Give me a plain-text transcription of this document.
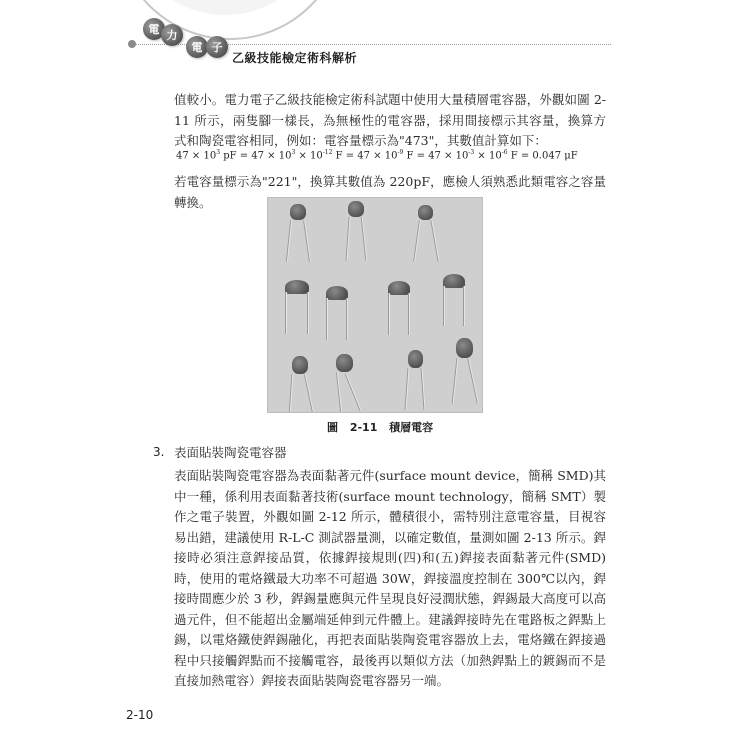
電 力
電 子
乙級技能檢定術科解析

值較小。電力電子乙級技能檢定術科試題中使用大量積層電容器，外觀如圖 2-11 所示，兩隻腳一樣長，為無極性的電容器，採用間接標示其容量，換算方式和陶瓷電容相同，例如：電容量標示為"473"，其數值計算如下：

$47 \times 10^3$ pF = $47 \times 10^3 \times 10^{-12}$ $F = 47 \times 10^{-9}$ $F = 47 \times 10^{-3} \times 10^{-6}$ F = 0.047 μF

若電容量標示為"221"，換算其數值為 220pF，應檢人須熟悉此類電容之容量轉換。

圖 2-11 積層電容
3. 表面貼裝陶瓷電容器

表面貼裝陶瓷電容器為表面黏著元件(surface mount device，簡稱 SMD)其中一種，係利用表面黏著技術(surface mount technology，簡稱 SMT）製作之電子裝置，外觀如圖 2-12 所示，體積很小，需特別注意電容量，目視容易出錯，建議使用 R-L-C 測試器量測，以確定數值，量測如圖 2-13 所示。銲接時必須注意銲接品質，依據銲接規則(四)和(五)銲接表面黏著元件(SMD)時，使用的電烙鐵最大功率不可超過 30W，銲接溫度控制在 300℃以內，銲接時間應少於 3 秒，銲錫量應與元件呈現良好浸潤狀態，銲錫最大高度可以高過元件，但不能超出金屬端延伸到元件體上。建議銲接時先在電路板之銲點上錫，以電烙鐵使銲錫融化，再把表面貼裝陶瓷電容器放上去，電烙鐵在銲接過程中只接觸銲點而不接觸電容，最後再以類似方法（加熱銲點上的鍍錫而不是直接加熱電容）銲接表面貼裝陶瓷電容器另一端。

2-10
